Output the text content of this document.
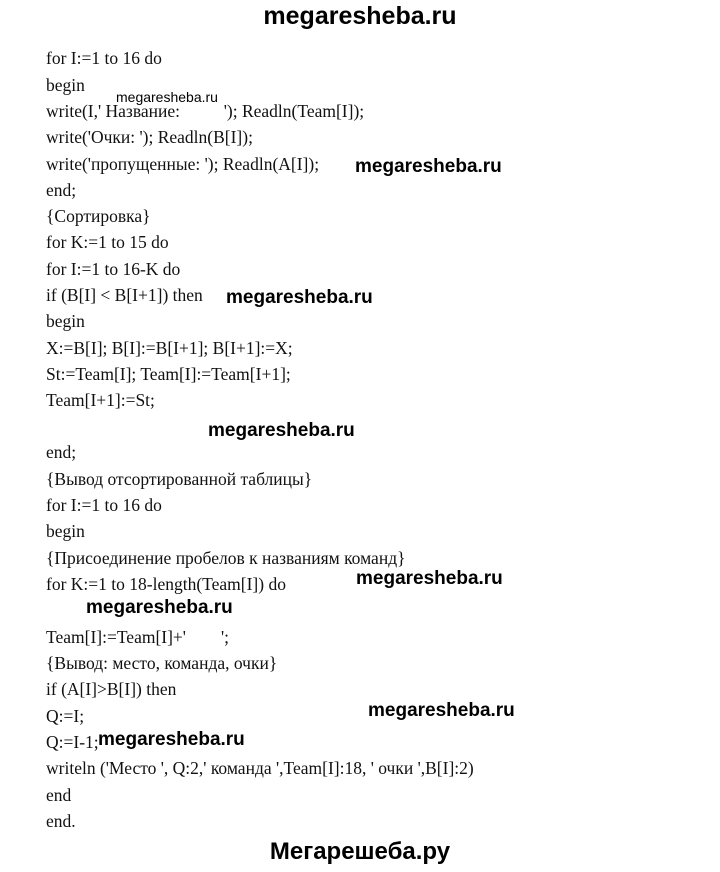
megaresheba.ru
for I:=1 to 16 do
begin
write(I,' Название:          '); Readln(Team[I]);
write('Очки: '); Readln(B[I]);
write('пропущенные: '); Readln(A[I]);
end;
{Сортировка}
for K:=1 to 15 do
for I:=1 to 16-K do
if (B[I] < B[I+1]) then
begin
X:=B[I]; B[I]:=B[I+1]; B[I+1]:=X;
St:=Team[I]; Team[I]:=Team[I+1];
Team[I+1]:=St;
end;
{Вывод отсортированной таблицы}
for I:=1 to 16 do
begin
{Присоединение пробелов к названиям команд}
for K:=1 to 18-length(Team[I]) do
Team[I]:=Team[I]+'        ';
{Вывод: место, команда, очки}
if (A[I]>B[I]) then
Q:=I;
Q:=I-1;
writeln ('Место ', Q:2,' команда ',Team[I]:18, ' очки ',B[I]:2)
end
end.
megaresheba.ru
megaresheba.ru
megaresheba.ru
megaresheba.ru
megaresheba.ru
megaresheba.ru
megaresheba.ru
megaresheba.ru
Мегарешеба.ру
